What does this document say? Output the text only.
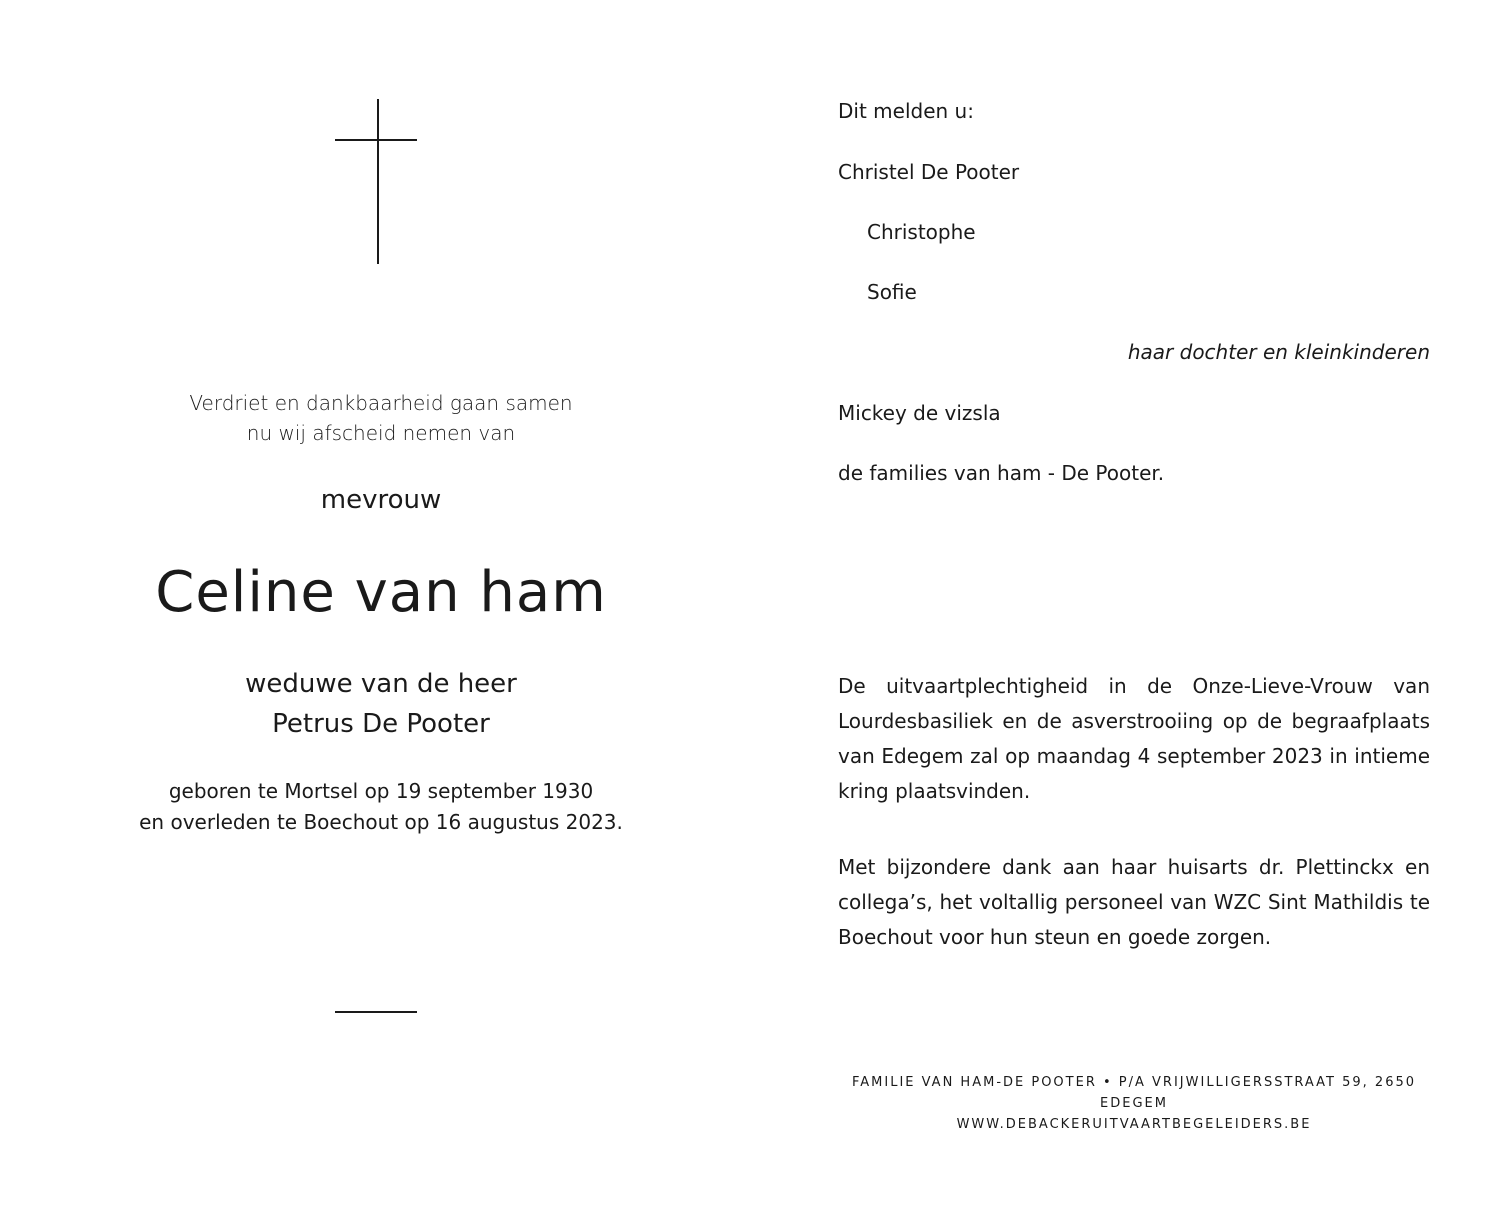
Verdriet en dankbaarheid gaan samen
nu wij afscheid nemen van
mevrouw
Celine van ham
weduwe van de heer
Petrus De Pooter
geboren te Mortsel op 19 september 1930
en overleden te Boechout op 16 augustus 2023.
Dit melden u:
Christel De Pooter
Christophe
Sofie
haar dochter en kleinkinderen
Mickey de vizsla
de families van ham - De Pooter.
De uitvaartplechtigheid in de Onze-Lieve-Vrouw van Lourdesbasiliek en de asverstrooiing op de begraafplaats van Edegem zal op maandag 4 september 2023 in intieme kring plaatsvinden.
Met bijzondere dank aan haar huisarts dr. Plettinckx en collega’s, het voltallig personeel van WZC Sint Mathildis te Boechout voor hun steun en goede zorgen.
FAMILIE VAN HAM-DE POOTER • P/A VRIJWILLIGERSSTRAAT 59, 2650 EDEGEM
WWW.DEBACKERUITVAARTBEGELEIDERS.BE
